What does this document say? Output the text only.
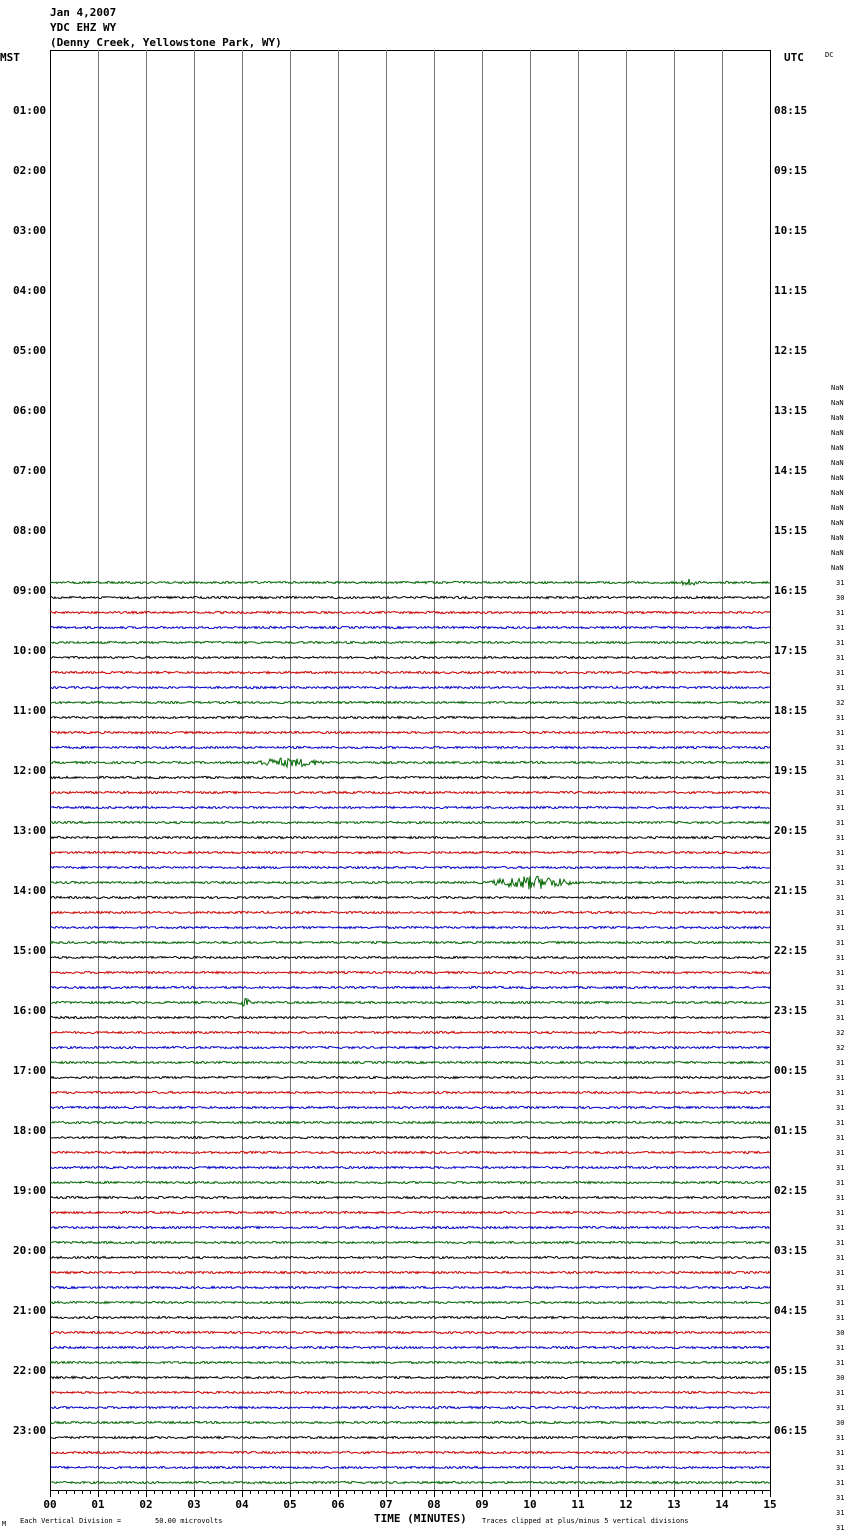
Jan 4,2007
YDC EHZ WY
(Denny Creek, Yellowstone Park, WY)
MST	UTC	DC
01:00
02:00
03:00
04:00
05:00
06:00
07:00
08:00
09:00
10:00
11:00
12:00
13:00
14:00
15:00
16:00
17:00
18:00
19:00
20:00
21:00
22:00
23:00
08:15
09:15
10:15
11:15
12:15
13:15
14:15
15:15
16:15
17:15
18:15
19:15
20:15
21:15
22:15
23:15
00:15
01:15
02:15
03:15
04:15
05:15
06:15
NaN
NaN
NaN
NaN
NaN
NaN
NaN
NaN
NaN
NaN
NaN
NaN
NaN
31
30
31
31
31
31
31
31
32
31
31
31
31
31
31
31
31
31
31
31
31
31
31
31
31
31
31
31
31
31
32
32
31
31
31
31
31
31
31
31
31
31
31
31
31
31
31
31
31
31
30
31
31
30
31
31
30
31
31
31
31
31
31
31
00	01	02	03	04	05	06	07	08	09	10	11	12	13	14	15
M Each Vertical Division =	50.00 microvolts	TIME (MINUTES) Traces clipped at plus/minus 5 vertical divisions
